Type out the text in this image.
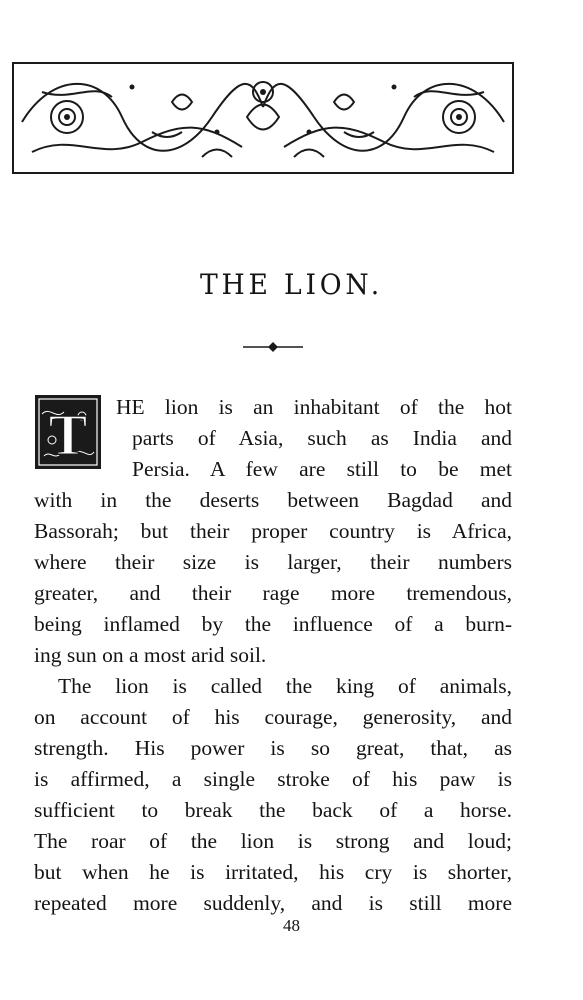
THE LION.
T	HE lion is an inhabitant of the hot
parts of Asia, such as India and
Persia. A few are still to be met
with in the deserts between Bagdad and
Bassorah; but their proper country is Africa,
where their size is larger, their numbers
greater, and their rage more tremendous,
being inflamed by the influence of a burn-
ing sun on a most arid soil.
The lion is called the king of animals,
on account of his courage, generosity, and
strength. His power is so great, that, as
is affirmed, a single stroke of his paw is
sufficient to break the back of a horse.
The roar of the lion is strong and loud;
but when he is irritated, his cry is shorter,
repeated more suddenly, and is still more
48
